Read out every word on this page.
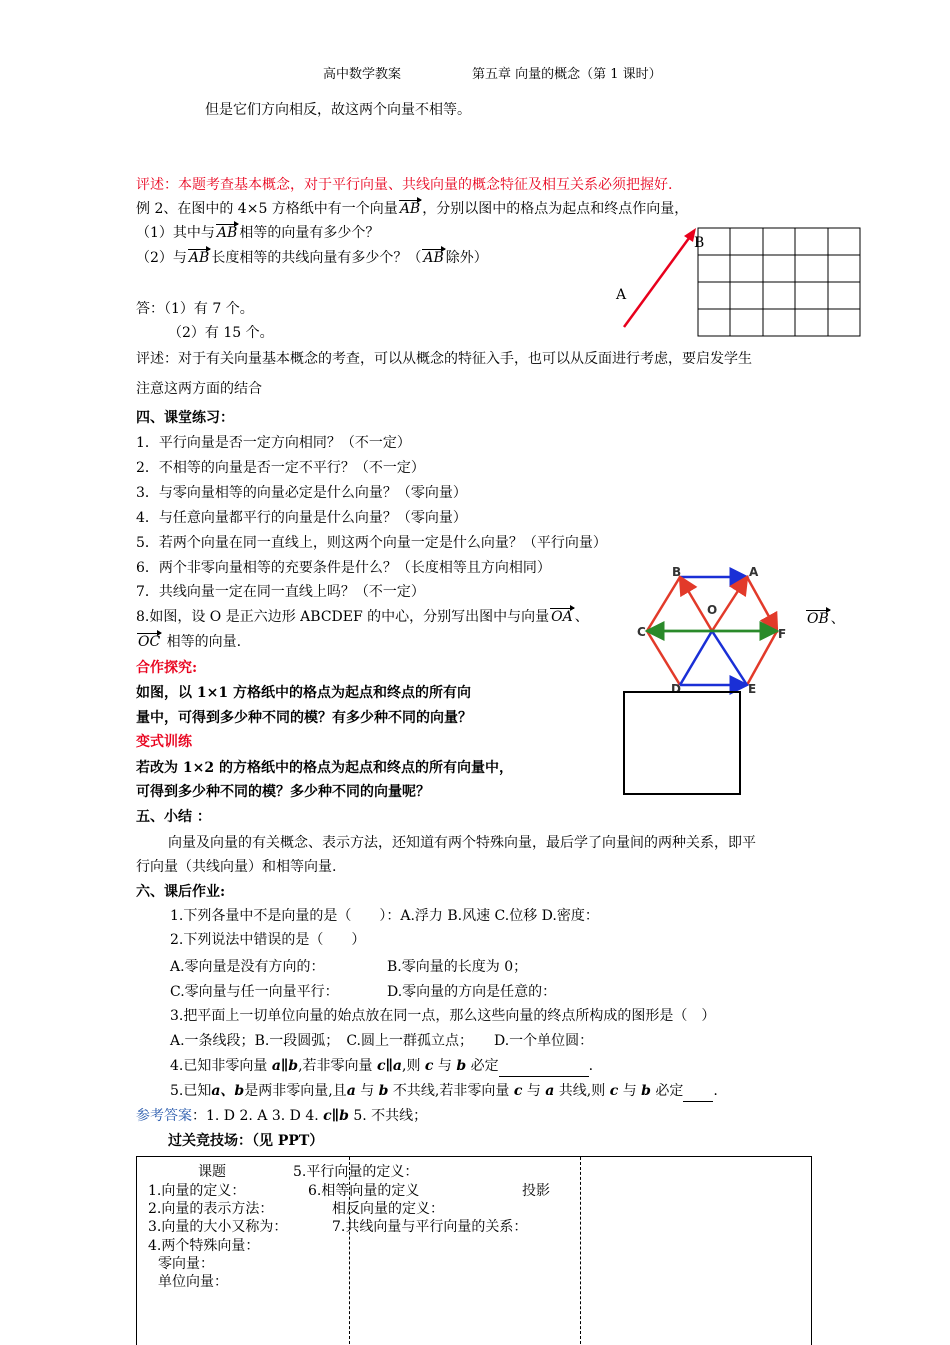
高中数学教案	第五章 向量的概念（第 1 课时）
但是它们方向相反，故这两个向量不相等。
评述：本题考查基本概念，对于平行向量、共线向量的概念特征及相互关系必须把握好.
例 2、在图中的 4×5 方格纸中有一个向量 AB ，分别以图中的格点为起点和终点作向量，
（1）其中与 AB 相等的向量有多少个？
（2）与 AB 长度相等的共线向量有多少个？（ AB 除外）
B
A
答：（1）有 7 个。
（2）有 15 个。
评述：对于有关向量基本概念的考查，可以从概念的特征入手，也可以从反面进行考虑，要启发学生
注意这两方面的结合
四、课堂练习：
1．平行向量是否一定方向相同？（不一定）
2．不相等的向量是否一定不平行？（不一定）
3．与零向量相等的向量必定是什么向量？（零向量）
4．与任意向量都平行的向量是什么向量？（零向量）
5．若两个向量在同一直线上，则这两个向量一定是什么向量？（平行向量）
6．两个非零向量相等的充要条件是什么？（长度相等且方向相同）
7．共线向量一定在同一直线上吗？（不一定）
8.如图，设 O 是正六边形 ABCDEF 的中心，分别写出图中与向量 OA 、	OB 、
OC 相等的向量.
A
B
C
D	E
F
O
合作探究:
如图，以 1×1 方格纸中的格点为起点和终点的所有向
量中，可得到多少种不同的模？有多少种不同的向量？
变式训练
若改为 1×2 的方格纸中的格点为起点和终点的所有向量中，
可得到多少种不同的模？多少种不同的向量呢？
五、小结 ：
向量及向量的有关概念、表示方法，还知道有两个特殊向量，最后学了向量间的两种关系，即平
行向量（共线向量）和相等向量.
六、课后作业:
1.下列各量中不是向量的是（　　）：A.浮力 B.风速 C.位移 D.密度：
2.下列说法中错误的是（　　）
A.零向量是没有方向的：	B.零向量的长度为 0；
C.零向量与任一向量平行：	D.零向量的方向是任意的：
3.把平面上一切单位向量的始点放在同一点，那么这些向量的终点所构成的图形是（　）
A.一条线段；B.一段圆弧；　 C.圆上一群孤立点；　　 D.一个单位圆：
4.已知非零向量 a∥b,若非零向量 c∥a,则 c 与 b 必定	.
5.已知a、b是两非零向量,且a 与 b 不共线,若非零向量 c 与 a 共线,则 c 与 b 必定 .
参考答案：1. D 2. A 3. D 4. c∥b 5. 不共线；
过关竞技场：（见 PPT）
课题
1.向量的定义：
2.向量的表示方法：
3.向量的大小又称为：
4.两个特殊向量：
零向量：
单位向量：
5.平行向量的定义：
6.相等向量的定义
相反向量的定义：
7.共线向量与平行向量的关系：
投影
